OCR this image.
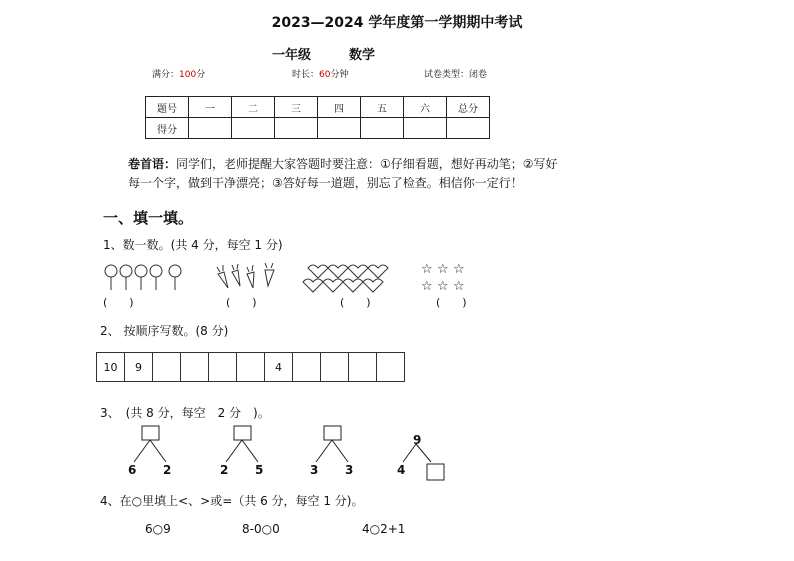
2023—2024 学年度第一学期期中考试
一年级	数学
满分：100分	时长：60分钟	试卷类型：闭卷
题号	一	二	三	四	五	六	总分
得分							
卷首语：同学们，老师提醒大家答题时要注意：①仔细看题，想好再动笔；②写好每一个字，做到干净漂亮；③答好每一道题，别忘了检查。相信你一定行！
一、填一填。
1、数一数。(共 4 分，每空 1 分)
☆ ☆ ☆
☆ ☆ ☆
(　　)	(　　)	(　　)	(　　)
2、 按顺序写数。(8 分)
10	9					4				
3、　(共 8 分，每空　2 分　)。
6 2	2 5	3 3
9
4
4、在○里填上<、>或=（共 6 分，每空 1 分)。
6○9	8-0○0	4○2+1
